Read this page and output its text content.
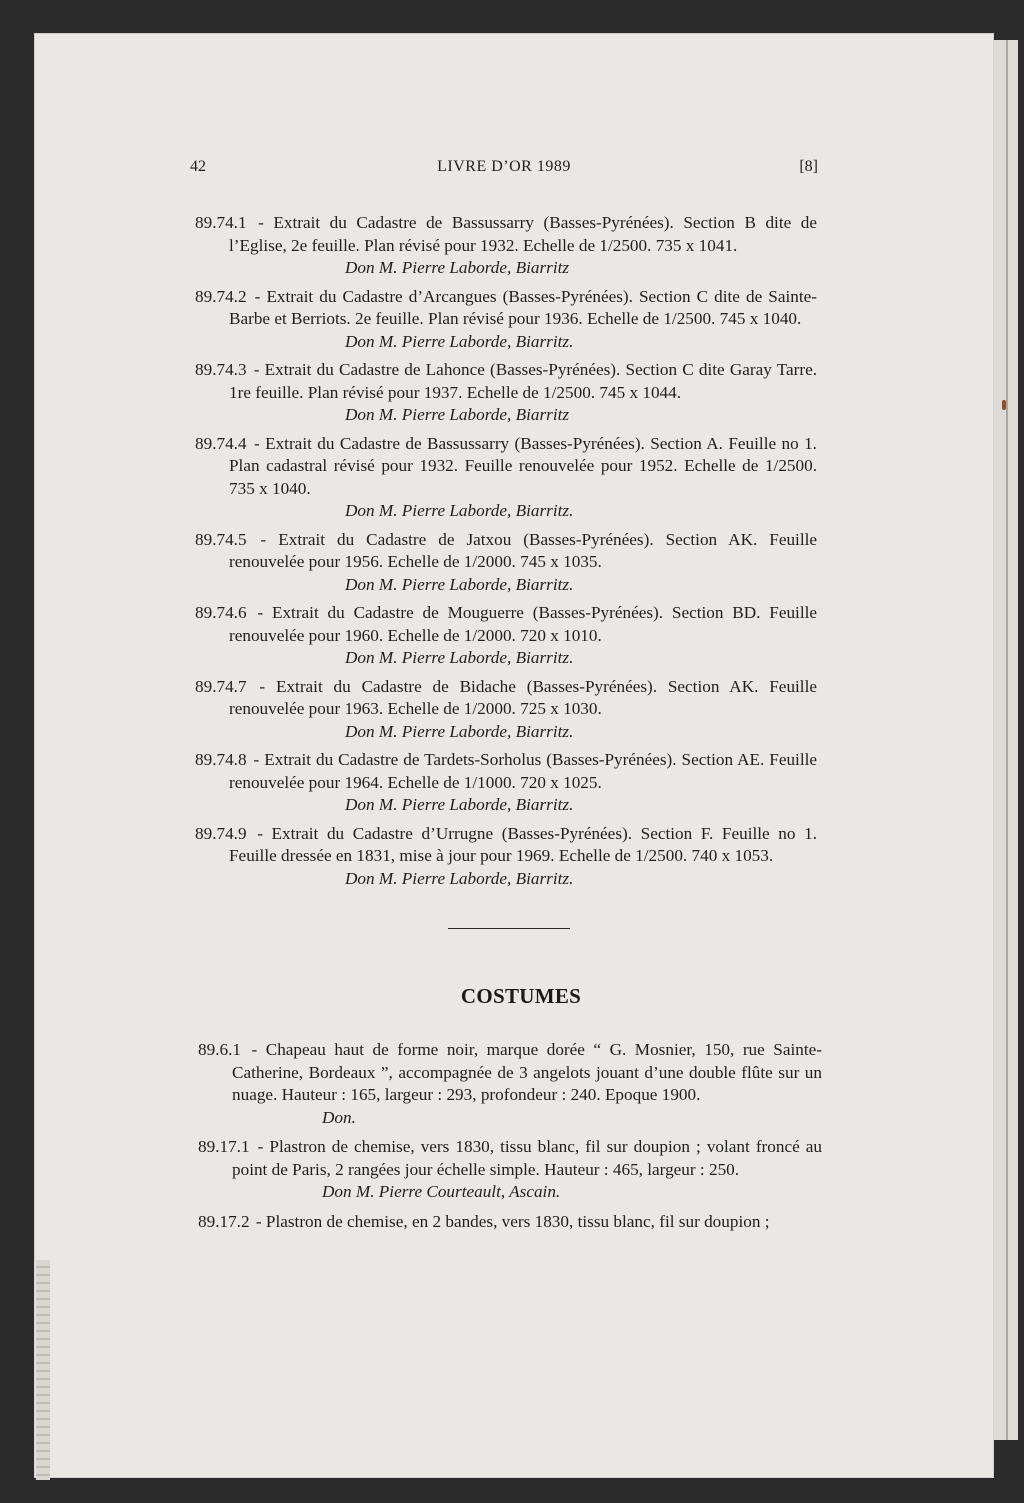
42	LIVRE D’OR 1989	[8]
89.74.1 - Extrait du Cadastre de Bassussarry (Basses-Pyrénées). Section B dite de l’Eglise, 2e feuille. Plan révisé pour 1932. Echelle de 1/2500. 735 x 1041.
Don M. Pierre Laborde, Biarritz
89.74.2 - Extrait du Cadastre d’Arcangues (Basses-Pyrénées). Section C dite de Sainte-Barbe et Berriots. 2e feuille. Plan révisé pour 1936. Echelle de 1/2500. 745 x 1040.
Don M. Pierre Laborde, Biarritz.
89.74.3 - Extrait du Cadastre de Lahonce (Basses-Pyrénées). Section C dite Garay Tarre. 1re feuille. Plan révisé pour 1937. Echelle de 1/2500. 745 x 1044.
Don M. Pierre Laborde, Biarritz
89.74.4 - Extrait du Cadastre de Bassussarry (Basses-Pyrénées). Section A. Feuille no 1. Plan cadastral révisé pour 1932. Feuille renouvelée pour 1952. Echelle de 1/2500. 735 x 1040.
Don M. Pierre Laborde, Biarritz.
89.74.5 - Extrait du Cadastre de Jatxou (Basses-Pyrénées). Section AK. Feuille renouvelée pour 1956. Echelle de 1/2000. 745 x 1035.
Don M. Pierre Laborde, Biarritz.
89.74.6 - Extrait du Cadastre de Mouguerre (Basses-Pyrénées). Section BD. Feuille renouvelée pour 1960. Echelle de 1/2000. 720 x 1010.
Don M. Pierre Laborde, Biarritz.
89.74.7 - Extrait du Cadastre de Bidache (Basses-Pyrénées). Section AK. Feuille renouvelée pour 1963. Echelle de 1/2000. 725 x 1030.
Don M. Pierre Laborde, Biarritz.
89.74.8 - Extrait du Cadastre de Tardets-Sorholus (Basses-Pyrénées). Section AE. Feuille renouvelée pour 1964. Echelle de 1/1000. 720 x 1025.
Don M. Pierre Laborde, Biarritz.
89.74.9 - Extrait du Cadastre d’Urrugne (Basses-Pyrénées). Section F. Feuille no 1. Feuille dressée en 1831, mise à jour pour 1969. Echelle de 1/2500. 740 x 1053.
Don M. Pierre Laborde, Biarritz.
COSTUMES
89.6.1 - Chapeau haut de forme noir, marque dorée “ G. Mosnier, 150, rue Sainte-Catherine, Bordeaux ”, accompagnée de 3 angelots jouant d’une double flûte sur un nuage. Hauteur : 165, largeur : 293, profondeur : 240. Epoque 1900.
Don.
89.17.1 - Plastron de chemise, vers 1830, tissu blanc, fil sur doupion ; volant froncé au point de Paris, 2 rangées jour échelle simple. Hauteur : 465, largeur : 250.
Don M. Pierre Courteault, Ascain.
89.17.2 - Plastron de chemise, en 2 bandes, vers 1830, tissu blanc, fil sur doupion ;
